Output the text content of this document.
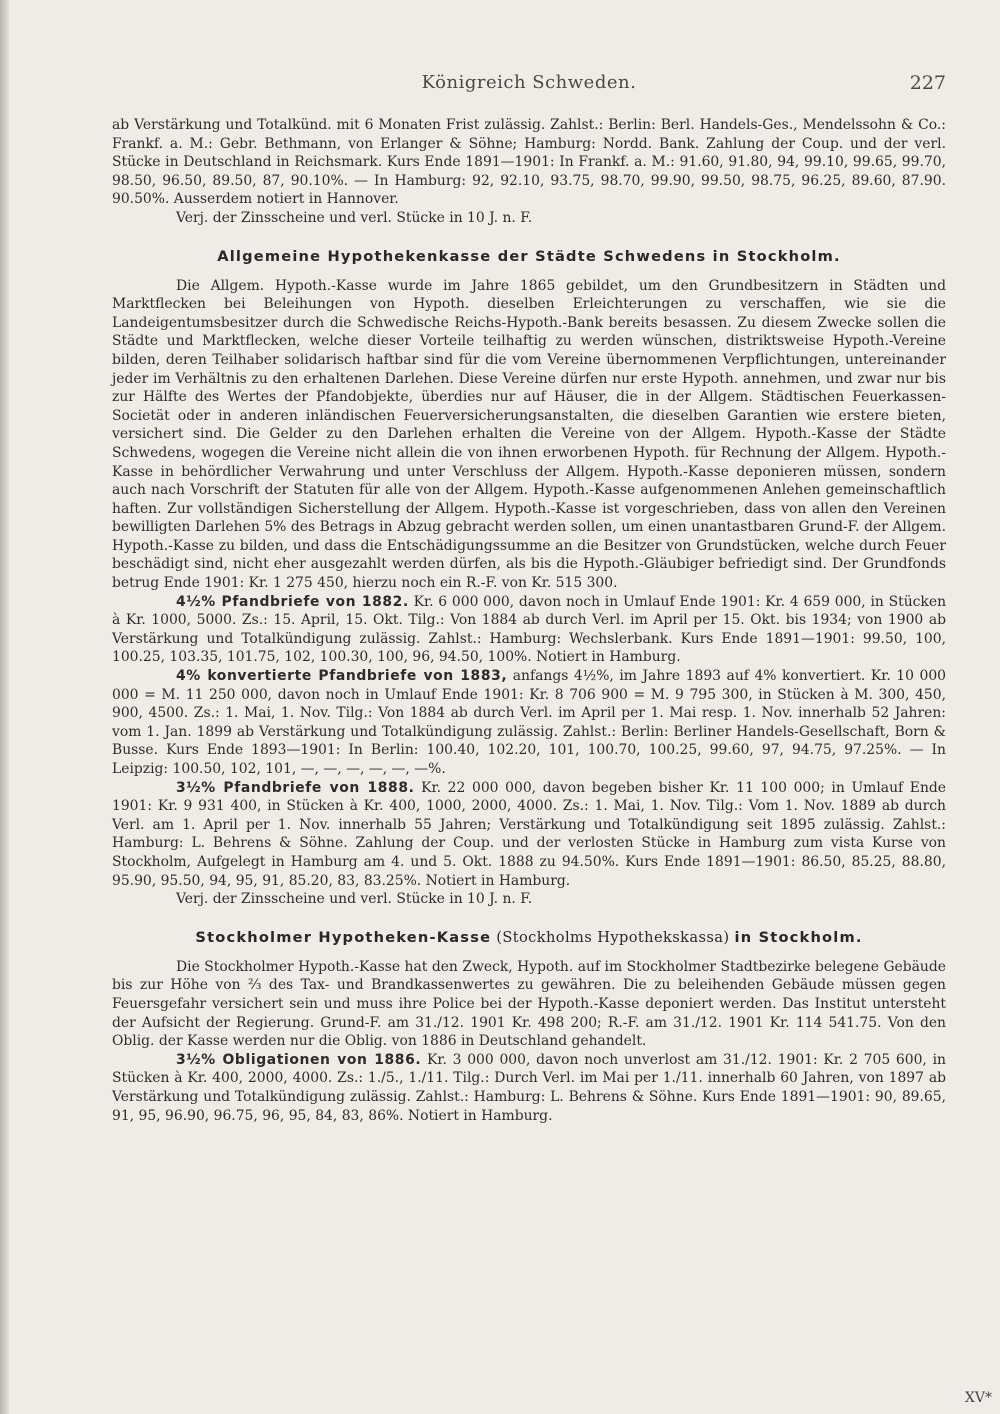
Königreich Schweden.	227

ab Verstärkung und Totalkünd. mit 6 Monaten Frist zulässig. Zahlst.: Berlin: Berl. Handels-Ges., Mendelssohn & Co.: Frankf. a. M.: Gebr. Bethmann, von Erlanger & Söhne; Hamburg: Nordd. Bank. Zahlung der Coup. und der verl. Stücke in Deutschland in Reichsmark. Kurs Ende 1891—1901: In Frankf. a. M.: 91.60, 91.80, 94, 99.10, 99.65, 99.70, 98.50, 96.50, 89.50, 87, 90.10%. — In Hamburg: 92, 92.10, 93.75, 98.70, 99.90, 99.50, 98.75, 96.25, 89.60, 87.90. 90.50%. Ausserdem notiert in Hannover.

Verj. der Zinsscheine und verl. Stücke in 10 J. n. F.

Allgemeine Hypothekenkasse der Städte Schwedens in Stockholm.

Die Allgem. Hypoth.-Kasse wurde im Jahre 1865 gebildet, um den Grundbesitzern in Städten und Marktflecken bei Beleihungen von Hypoth. dieselben Erleichterungen zu verschaffen, wie sie die Landeigentumsbesitzer durch die Schwedische Reichs-Hypoth.-Bank bereits besassen. Zu diesem Zwecke sollen die Städte und Marktflecken, welche dieser Vorteile teilhaftig zu werden wünschen, distriktsweise Hypoth.-Vereine bilden, deren Teilhaber solidarisch haftbar sind für die vom Vereine übernommenen Verpflichtungen, untereinander jeder im Verhältnis zu den erhaltenen Darlehen. Diese Vereine dürfen nur erste Hypoth. annehmen, und zwar nur bis zur Hälfte des Wertes der Pfandobjekte, überdies nur auf Häuser, die in der Allgem. Städtischen Feuerkassen-Societät oder in anderen inländischen Feuerversicherungsanstalten, die dieselben Garantien wie erstere bieten, versichert sind. Die Gelder zu den Darlehen erhalten die Vereine von der Allgem. Hypoth.-Kasse der Städte Schwedens, wogegen die Vereine nicht allein die von ihnen erworbenen Hypoth. für Rechnung der Allgem. Hypoth.-Kasse in behördlicher Verwahrung und unter Verschluss der Allgem. Hypoth.-Kasse deponieren müssen, sondern auch nach Vorschrift der Statuten für alle von der Allgem. Hypoth.-Kasse aufgenommenen Anlehen gemeinschaftlich haften. Zur vollständigen Sicherstellung der Allgem. Hypoth.-Kasse ist vorgeschrieben, dass von allen den Vereinen bewilligten Darlehen 5% des Betrags in Abzug gebracht werden sollen, um einen unantastbaren Grund-F. der Allgem. Hypoth.-Kasse zu bilden, und dass die Entschädigungssumme an die Besitzer von Grundstücken, welche durch Feuer beschädigt sind, nicht eher ausgezahlt werden dürfen, als bis die Hypoth.-Gläubiger befriedigt sind. Der Grundfonds betrug Ende 1901: Kr. 1 275 450, hierzu noch ein R.-F. von Kr. 515 300.

4½% Pfandbriefe von 1882. Kr. 6 000 000, davon noch in Umlauf Ende 1901: Kr. 4 659 000, in Stücken à Kr. 1000, 5000. Zs.: 15. April, 15. Okt. Tilg.: Von 1884 ab durch Verl. im April per 15. Okt. bis 1934; von 1900 ab Verstärkung und Totalkündigung zulässig. Zahlst.: Hamburg: Wechslerbank. Kurs Ende 1891—1901: 99.50, 100, 100.25, 103.35, 101.75, 102, 100.30, 100, 96, 94.50, 100%. Notiert in Hamburg.

4% konvertierte Pfandbriefe von 1883, anfangs 4½%, im Jahre 1893 auf 4% konvertiert. Kr. 10 000 000 = M. 11 250 000, davon noch in Umlauf Ende 1901: Kr. 8 706 900 = M. 9 795 300, in Stücken à M. 300, 450, 900, 4500. Zs.: 1. Mai, 1. Nov. Tilg.: Von 1884 ab durch Verl. im April per 1. Mai resp. 1. Nov. innerhalb 52 Jahren: vom 1. Jan. 1899 ab Verstärkung und Totalkündigung zulässig. Zahlst.: Berlin: Berliner Handels-Gesellschaft, Born & Busse. Kurs Ende 1893—1901: In Berlin: 100.40, 102.20, 101, 100.70, 100.25, 99.60, 97, 94.75, 97.25%. — In Leipzig: 100.50, 102, 101, —, —, —, —, —, —%.

3½% Pfandbriefe von 1888. Kr. 22 000 000, davon begeben bisher Kr. 11 100 000; in Umlauf Ende 1901: Kr. 9 931 400, in Stücken à Kr. 400, 1000, 2000, 4000. Zs.: 1. Mai, 1. Nov. Tilg.: Vom 1. Nov. 1889 ab durch Verl. am 1. April per 1. Nov. innerhalb 55 Jahren; Verstärkung und Totalkündigung seit 1895 zulässig. Zahlst.: Hamburg: L. Behrens & Söhne. Zahlung der Coup. und der verlosten Stücke in Hamburg zum vista Kurse von Stockholm, Aufgelegt in Hamburg am 4. und 5. Okt. 1888 zu 94.50%. Kurs Ende 1891—1901: 86.50, 85.25, 88.80, 95.90, 95.50, 94, 95, 91, 85.20, 83, 83.25%. Notiert in Hamburg.

Verj. der Zinsscheine und verl. Stücke in 10 J. n. F.

Stockholmer Hypotheken-Kasse (Stockholms Hypothekskassa) in Stockholm.

Die Stockholmer Hypoth.-Kasse hat den Zweck, Hypoth. auf im Stockholmer Stadtbezirke belegene Gebäude bis zur Höhe von ⅔ des Tax- und Brandkassenwertes zu gewähren. Die zu beleihenden Gebäude müssen gegen Feuersgefahr versichert sein und muss ihre Police bei der Hypoth.-Kasse deponiert werden. Das Institut untersteht der Aufsicht der Regierung. Grund-F. am 31./12. 1901 Kr. 498 200; R.-F. am 31./12. 1901 Kr. 114 541.75. Von den Oblig. der Kasse werden nur die Oblig. von 1886 in Deutschland gehandelt.

3½% Obligationen von 1886. Kr. 3 000 000, davon noch unverlost am 31./12. 1901: Kr. 2 705 600, in Stücken à Kr. 400, 2000, 4000. Zs.: 1./5., 1./11. Tilg.: Durch Verl. im Mai per 1./11. innerhalb 60 Jahren, von 1897 ab Verstärkung und Totalkündigung zulässig. Zahlst.: Hamburg: L. Behrens & Söhne. Kurs Ende 1891—1901: 90, 89.65, 91, 95, 96.90, 96.75, 96, 95, 84, 83, 86%. Notiert in Hamburg.

XV*
